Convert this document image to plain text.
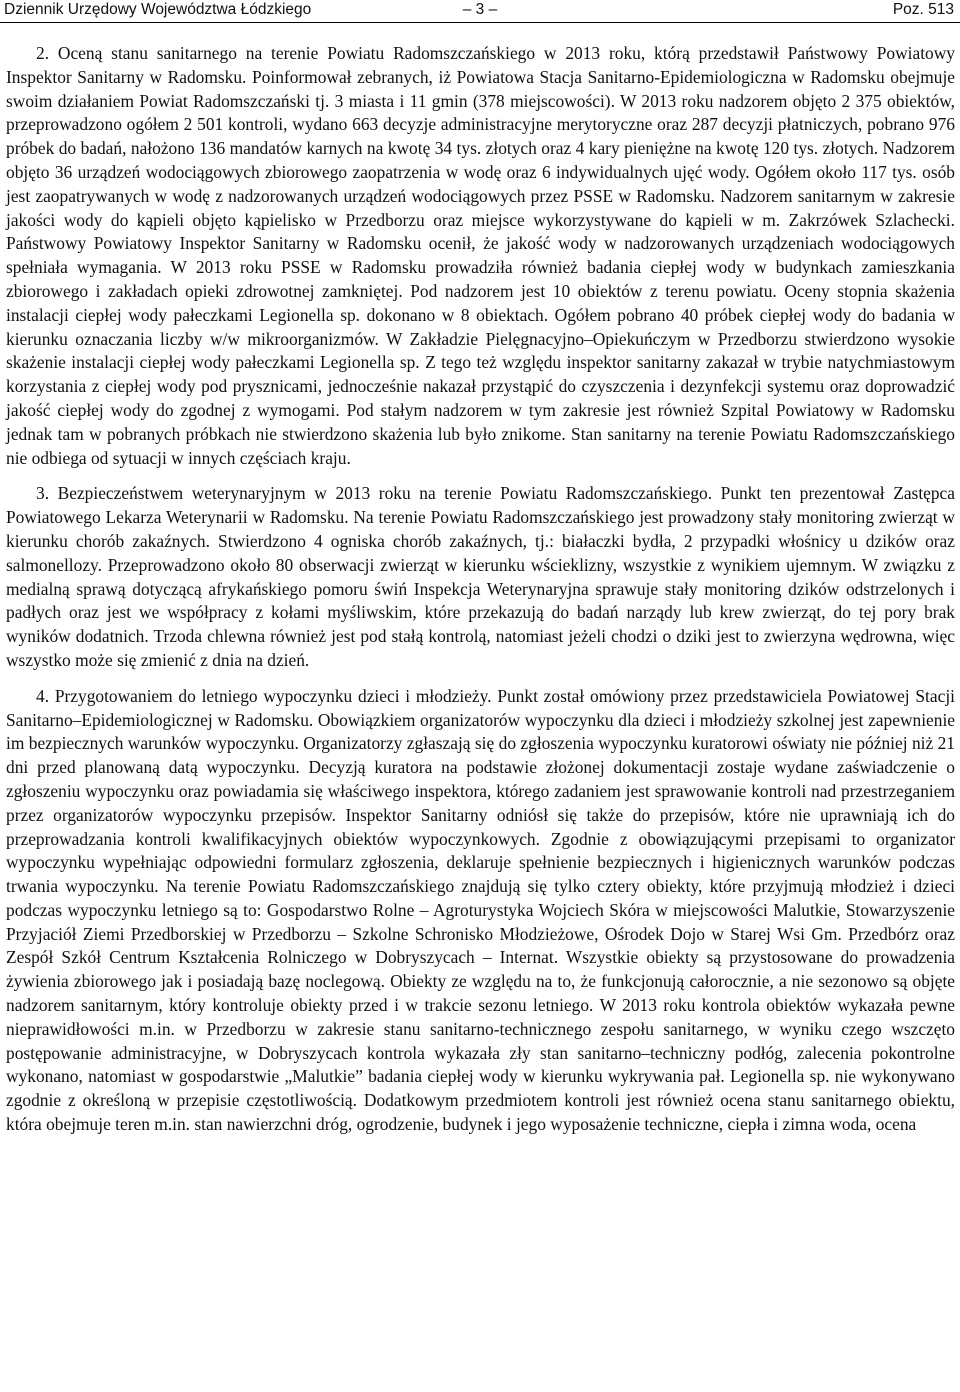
Dziennik Urzędowy Województwa Łódzkiego	– 3 –	Poz. 513

2. Oceną stanu sanitarnego na terenie Powiatu Radomszczańskiego w 2013 roku, którą przedstawił Państwowy Powiatowy Inspektor Sanitarny w Radomsku. Poinformował zebranych, iż Powiatowa Stacja Sanitarno-Epidemiologiczna w Radomsku obejmuje swoim działaniem Powiat Radomszczański tj. 3 miasta i 11 gmin (378 miejscowości). W 2013 roku nadzorem objęto 2 375 obiektów, przeprowadzono ogółem 2 501 kontroli, wydano 663 decyzje administracyjne merytoryczne oraz 287 decyzji płatniczych, pobrano 976 próbek do badań, nałożono 136 mandatów karnych na kwotę 34 tys. złotych oraz 4 kary pieniężne na kwotę 120 tys. złotych. Nadzorem objęto 36 urządzeń wodociągowych zbiorowego zaopatrzenia w wodę oraz 6 indywidualnych ujęć wody. Ogółem około 117 tys. osób jest zaopatrywanych w wodę z nadzorowanych urządzeń wodociągowych przez PSSE w Radomsku. Nadzorem sanitarnym w zakresie jakości wody do kąpieli objęto kąpielisko w Przedborzu oraz miejsce wykorzystywane do kąpieli w m. Zakrzówek Szlachecki. Państwowy Powiatowy Inspektor Sanitarny w Radomsku ocenił, że jakość wody w nadzorowanych urządzeniach wodociągowych spełniała wymagania. W 2013 roku PSSE w Radomsku prowadziła również badania ciepłej wody w budynkach zamieszkania zbiorowego i zakładach opieki zdrowotnej zamkniętej. Pod nadzorem jest 10 obiektów z terenu powiatu. Oceny stopnia skażenia instalacji ciepłej wody pałeczkami Legionella sp. dokonano w 8 obiektach. Ogółem pobrano 40 próbek ciepłej wody do badania w kierunku oznaczania liczby w/w mikroorganizmów. W Zakładzie Pielęgnacyjno–Opiekuńczym w Przedborzu stwierdzono wysokie skażenie instalacji ciepłej wody pałeczkami Legionella sp. Z tego też względu inspektor sanitarny zakazał w trybie natychmiastowym korzystania z ciepłej wody pod prysznicami, jednocześnie nakazał przystąpić do czyszczenia i dezynfekcji systemu oraz doprowadzić jakość ciepłej wody do zgodnej z wymogami. Pod stałym nadzorem w tym zakresie jest również Szpital Powiatowy w Radomsku jednak tam w pobranych próbkach nie stwierdzono skażenia lub było znikome. Stan sanitarny na terenie Powiatu Radomszczańskiego nie odbiega od sytuacji w innych częściach kraju.

3. Bezpieczeństwem weterynaryjnym w 2013 roku na terenie Powiatu Radomszczańskiego. Punkt ten prezentował Zastępca Powiatowego Lekarza Weterynarii w Radomsku. Na terenie Powiatu Radomszczańskiego jest prowadzony stały monitoring zwierząt w kierunku chorób zakaźnych. Stwierdzono 4 ogniska chorób zakaźnych, tj.: białaczki bydła, 2 przypadki włośnicy u dzików oraz salmonellozy. Przeprowadzono około 80 obserwacji zwierząt w kierunku wścieklizny, wszystkie z wynikiem ujemnym. W związku z medialną sprawą dotyczącą afrykańskiego pomoru świń Inspekcja Weterynaryjna sprawuje stały monitoring dzików odstrzelonych i padłych oraz jest we współpracy z kołami myśliwskim, które przekazują do badań narządy lub krew zwierząt, do tej pory brak wyników dodatnich. Trzoda chlewna również jest pod stałą kontrolą, natomiast jeżeli chodzi o dziki jest to zwierzyna wędrowna, więc wszystko może się zmienić z dnia na dzień.

4. Przygotowaniem do letniego wypoczynku dzieci i młodzieży. Punkt został omówiony przez przedstawiciela Powiatowej Stacji Sanitarno–Epidemiologicznej w Radomsku. Obowiązkiem organizatorów wypoczynku dla dzieci i młodzieży szkolnej jest zapewnienie im bezpiecznych warunków wypoczynku. Organizatorzy zgłaszają się do zgłoszenia wypoczynku kuratorowi oświaty nie później niż 21 dni przed planowaną datą wypoczynku. Decyzją kuratora na podstawie złożonej dokumentacji zostaje wydane zaświadczenie o zgłoszeniu wypoczynku oraz powiadamia się właściwego inspektora, którego zadaniem jest sprawowanie kontroli nad przestrzeganiem przez organizatorów wypoczynku przepisów. Inspektor Sanitarny odniósł się także do przepisów, które nie uprawniają ich do przeprowadzania kontroli kwalifikacyjnych obiektów wypoczynkowych. Zgodnie z obowiązującymi przepisami to organizator wypoczynku wypełniając odpowiedni formularz zgłoszenia, deklaruje spełnienie bezpiecznych i higienicznych warunków podczas trwania wypoczynku. Na terenie Powiatu Radomszczańskiego znajdują się tylko cztery obiekty, które przyjmują młodzież i dzieci podczas wypoczynku letniego są to: Gospodarstwo Rolne – Agroturystyka Wojciech Skóra w miejscowości Malutkie, Stowarzyszenie Przyjaciół Ziemi Przedborskiej w Przedborzu – Szkolne Schronisko Młodzieżowe, Ośrodek Dojo w Starej Wsi Gm. Przedbórz oraz Zespół Szkół Centrum Kształcenia Rolniczego w Dobryszycach – Internat. Wszystkie obiekty są przystosowane do prowadzenia żywienia zbiorowego jak i posiadają bazę noclegową. Obiekty ze względu na to, że funkcjonują całorocznie, a nie sezonowo są objęte nadzorem sanitarnym, który kontroluje obiekty przed i w trakcie sezonu letniego. W 2013 roku kontrola obiektów wykazała pewne nieprawidłowości m.in. w Przedborzu w zakresie stanu sanitarno-technicznego zespołu sanitarnego, w wyniku czego wszczęto postępowanie administracyjne, w Dobryszycach kontrola wykazała zły stan sanitarno–techniczny podłóg, zalecenia pokontrolne wykonano, natomiast w gospodarstwie „Malutkie” badania ciepłej wody w kierunku wykrywania pał. Legionella sp. nie wykonywano zgodnie z określoną w przepisie częstotliwością. Dodatkowym przedmiotem kontroli jest również ocena stanu sanitarnego obiektu, która obejmuje teren m.in. stan nawierzchni dróg, ogrodzenie, budynek i jego wyposażenie techniczne, ciepła i zimna woda, ocena
